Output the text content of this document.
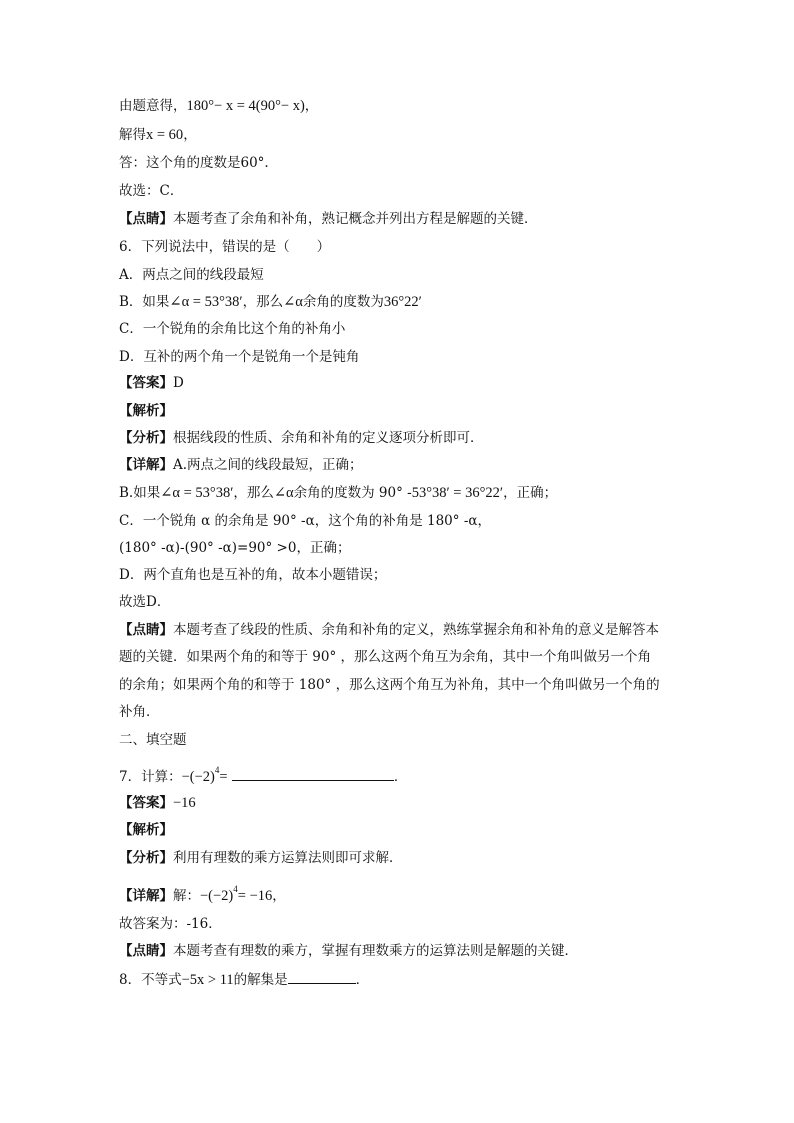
由题意得，180°− x = 4(90°− x)，
解得x = 60，
答：这个角的度数是60°.
故选：C．
【点睛】本题考查了余角和补角，熟记概念并列出方程是解题的关键．
6．下列说法中，错误的是（　　）
A．两点之间的线段最短
B．如果∠α = 53°38′，那么∠α余角的度数为36°22′
C．一个锐角的余角比这个角的补角小
D．互补的两个角一个是锐角一个是钝角
【答案】D
【解析】
【分析】根据线段的性质、余角和补角的定义逐项分析即可．
【详解】A.两点之间的线段最短，正确；
B.如果∠α = 53°38′，那么∠α余角的度数为 90° -53°38′ = 36°22′，正确；
C．一个锐角 α 的余角是 90° -α，这个角的补角是 180° -α，
(180° -α)-(90° -α)=90° >0，正确；
D．两个直角也是互补的角，故本小题错误；
故选D．
【点睛】本题考查了线段的性质、余角和补角的定义，熟练掌握余角和补角的意义是解答本
题的关键．如果两个角的和等于 90° ，那么这两个角互为余角，其中一个角叫做另一个角
的余角；如果两个角的和等于 180° ，那么这两个角互为补角，其中一个角叫做另一个角的
补角．
二、填空题
7．计算：$-(-2)^4=$	．
【答案】−16
【解析】
【分析】利用有理数的乘方运算法则即可求解．
【详解】解：$-(-2)^4= -16$，
故答案为：-16．
【点睛】本题考查有理数的乘方，掌握有理数乘方的运算法则是解题的关键．
8．不等式−5x > 11的解集是	．
